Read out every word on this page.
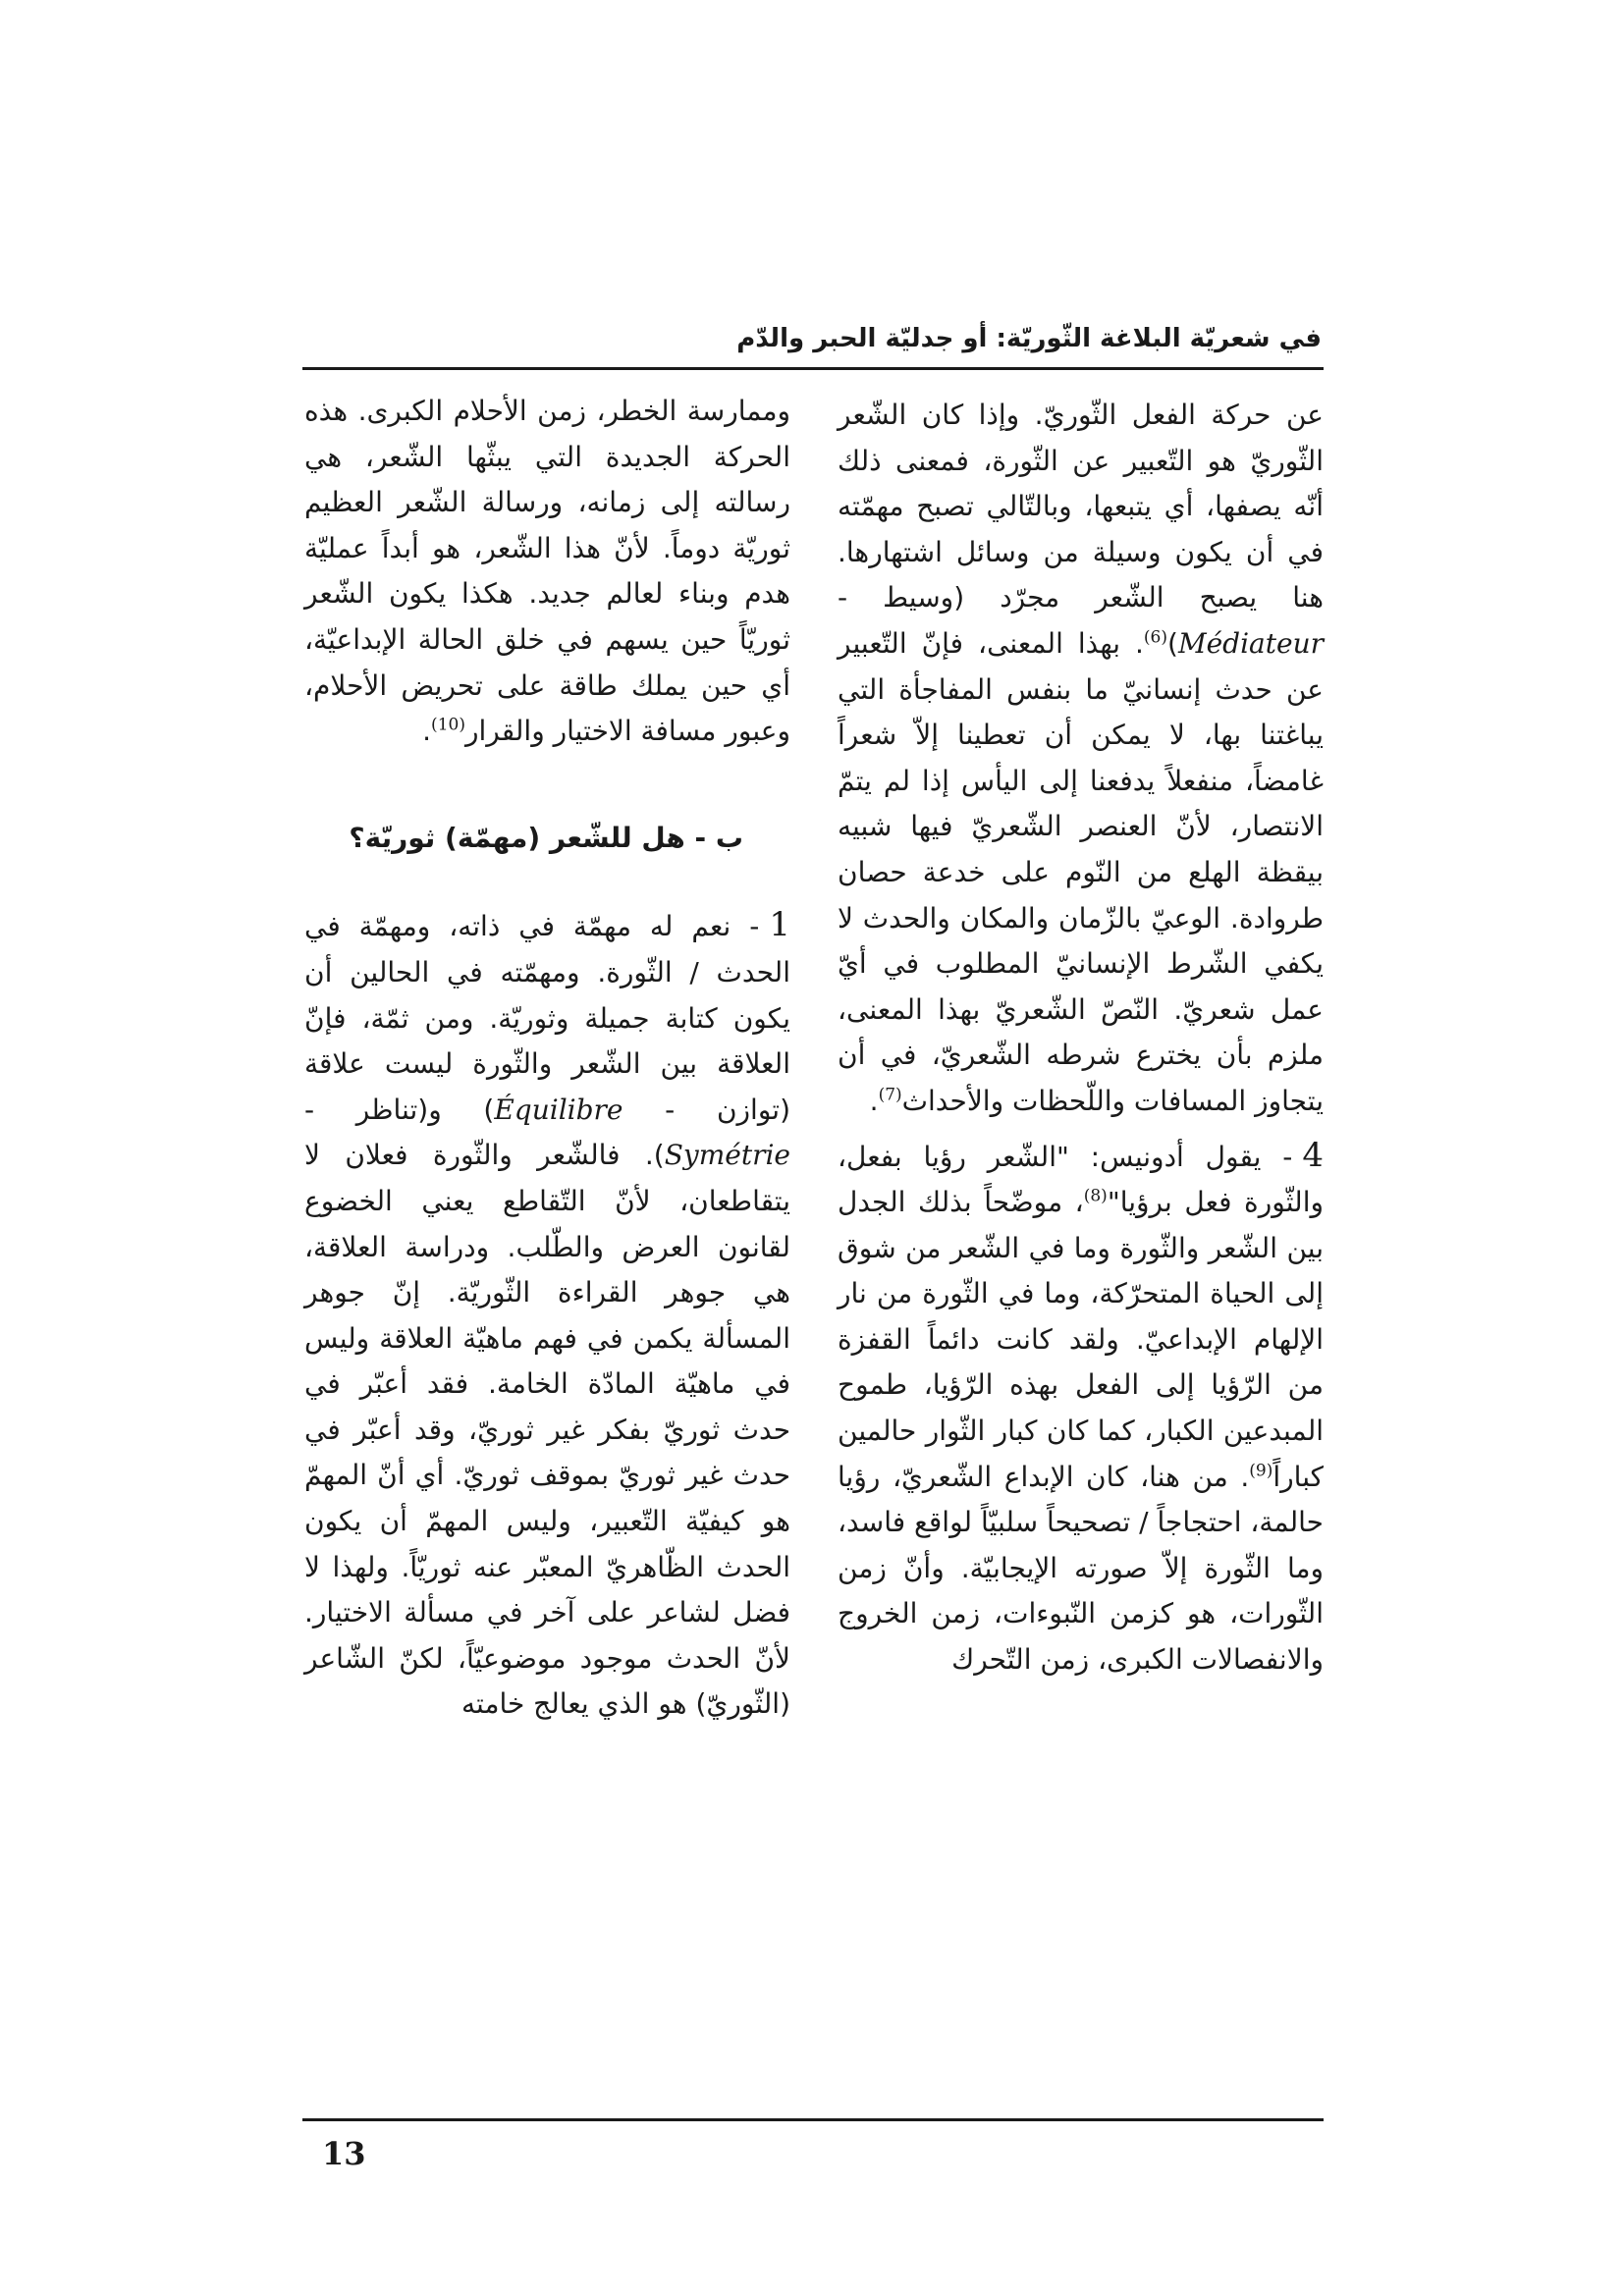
في شعريّة البلاغة الثّوريّة: أو جدليّة الحبر والدّم

عن حركة الفعل الثّوريّ. وإذا كان الشّعر الثّوريّ هو التّعبير عن الثّورة، فمعنى ذلك أنّه يصفها، أي يتبعها، وبالتّالي تصبح مهمّته في أن يكون وسيلة من وسائل اشتهارها. هنا يصبح الشّعر مجرّد (وسيط - Médiateur)$^{(6)}$. بهذا المعنى، فإنّ التّعبير عن حدث إنسانيّ ما بنفس المفاجأة التي يباغتنا بها، لا يمكن أن تعطينا إلاّ شعراً غامضاً، منفعلاً يدفعنا إلى اليأس إذا لم يتمّ الانتصار، لأنّ العنصر الشّعريّ فيها شبيه بيقظة الهلع من النّوم على خدعة حصان طروادة. الوعيّ بالزّمان والمكان والحدث لا يكفي الشّرط الإنسانيّ المطلوب في أيّ عمل شعريّ. النّصّ الشّعريّ بهذا المعنى، ملزم بأن يخترع شرطه الشّعريّ، في أن يتجاوز المسافات واللّحظات والأحداث$^{(7)}$.

4- يقول أدونيس: "الشّعر رؤيا بفعل، والثّورة فعل برؤيا"$^{(8)}$، موضّحاً بذلك الجدل بين الشّعر والثّورة وما في الشّعر من شوق إلى الحياة المتحرّكة، وما في الثّورة من نار الإلهام الإبداعيّ. ولقد كانت دائماً القفزة من الرّؤيا إلى الفعل بهذه الرّؤيا، طموح المبدعين الكبار، كما كان كبار الثّوار حالمين كباراً$^{(9)}$. من هنا، كان الإبداع الشّعريّ، رؤيا حالمة، احتجاجاً / تصحيحاً سلبيّاً لواقع فاسد، وما الثّورة إلاّ صورته الإيجابيّة. وأنّ زمن الثّورات، هو كزمن النّبوءات، زمن الخروج والانفصالات الكبرى، زمن التّحرك

وممارسة الخطر، زمن الأحلام الكبرى. هذه الحركة الجديدة التي يبثّها الشّعر، هي رسالته إلى زمانه، ورسالة الشّعر العظيم ثوريّة دوماً. لأنّ هذا الشّعر، هو أبداً عمليّة هدم وبناء لعالم جديد. هكذا يكون الشّعر ثوريّاً حين يسهم في خلق الحالة الإبداعيّة، أي حين يملك طاقة على تحريض الأحلام، وعبور مسافة الاختيار والقرار$^{(10)}$.

ب - هل للشّعر (مهمّة) ثوريّة؟

1- نعم له مهمّة في ذاته، ومهمّة في الحدث / الثّورة. ومهمّته في الحالين أن يكون كتابة جميلة وثوريّة. ومن ثمّة، فإنّ العلاقة بين الشّعر والثّورة ليست علاقة (توازن - Équilibre) و(تناظر - Symétrie). فالشّعر والثّورة فعلان لا يتقاطعان، لأنّ التّقاطع يعني الخضوع لقانون العرض والطّلب. ودراسة العلاقة، هي جوهر القراءة الثّوريّة. إنّ جوهر المسألة يكمن في فهم ماهيّة العلاقة وليس في ماهيّة المادّة الخامة. فقد أعبّر في حدث ثوريّ بفكر غير ثوريّ، وقد أعبّر في حدث غير ثوريّ بموقف ثوريّ. أي أنّ المهمّ هو كيفيّة التّعبير، وليس المهمّ أن يكون الحدث الظّاهريّ المعبّر عنه ثوريّاً. ولهذا لا فضل لشاعر على آخر في مسألة الاختيار. لأنّ الحدث موجود موضوعيّاً، لكنّ الشّاعر (الثّوريّ) هو الذي يعالج خامته

13
